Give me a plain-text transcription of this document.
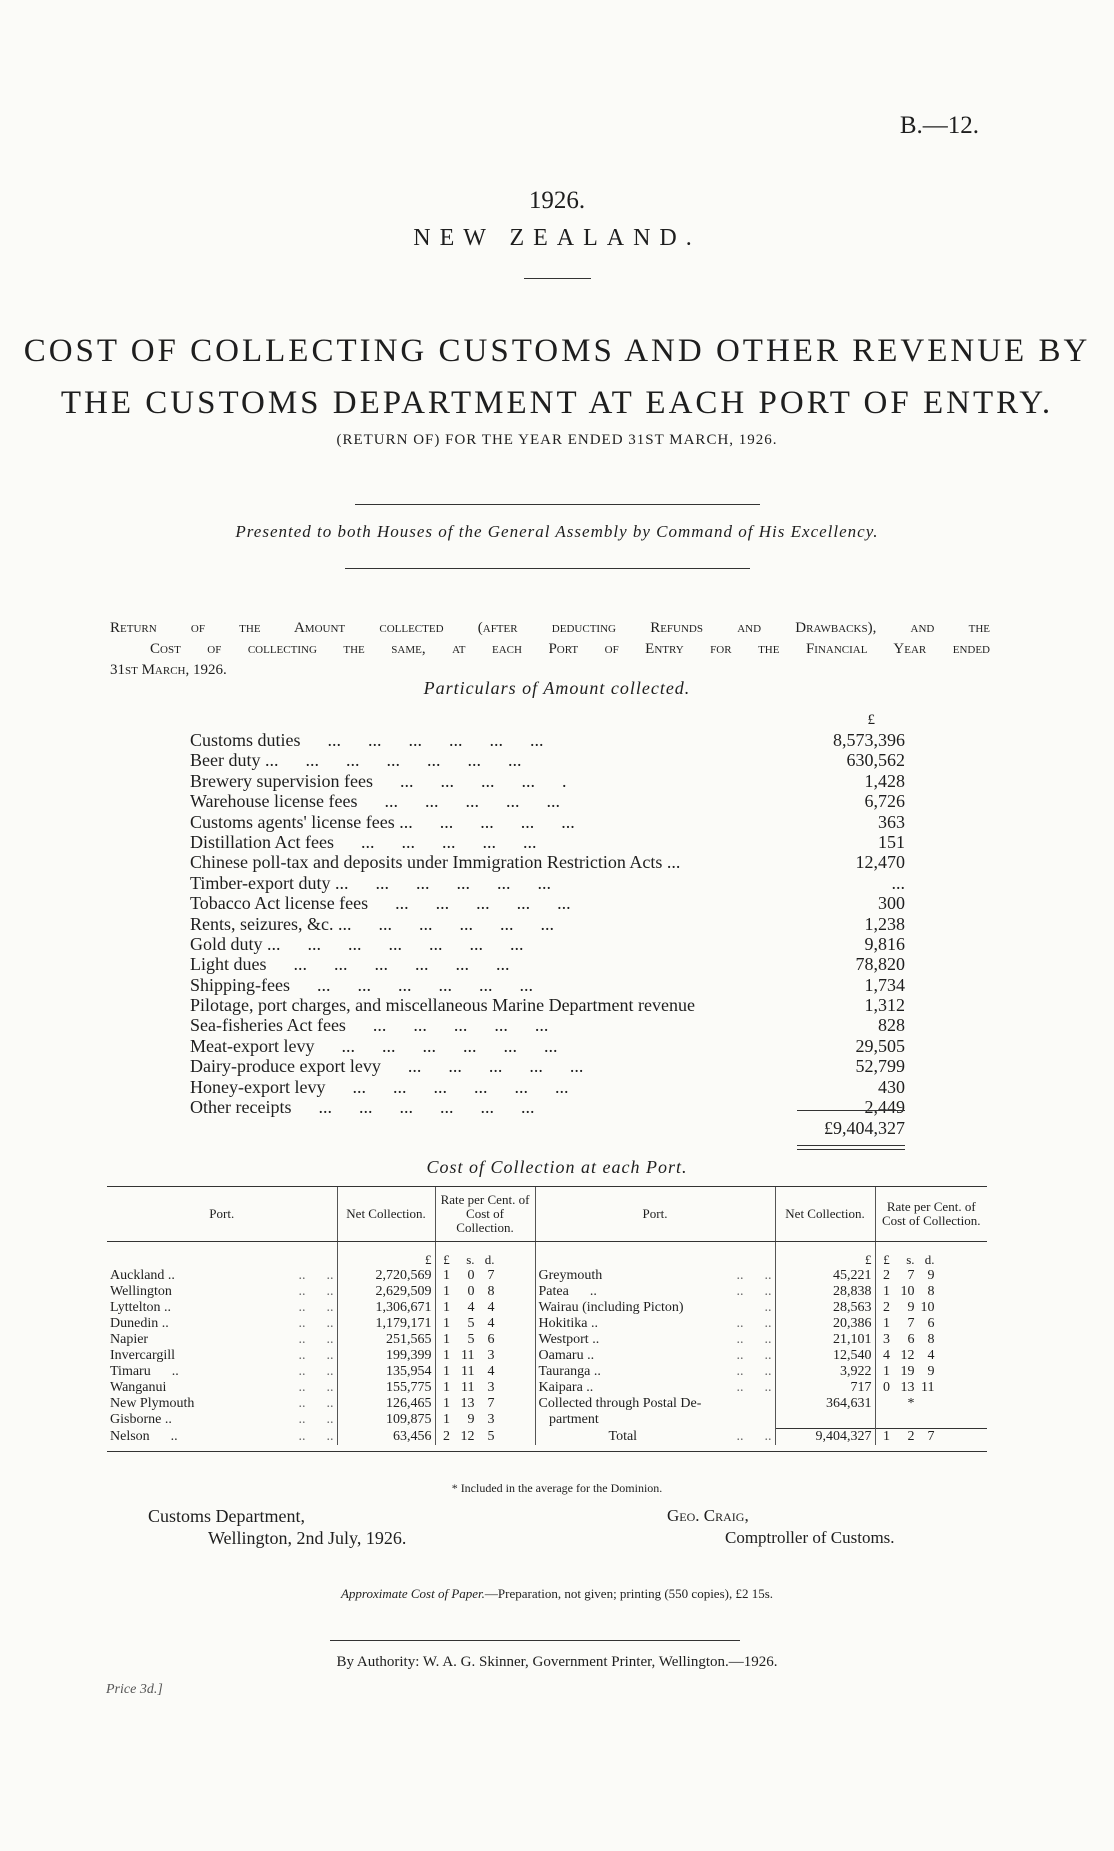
B.—12.
1926.
NEW ZEALAND.
COST OF COLLECTING CUSTOMS AND OTHER REVENUE BY
THE CUSTOMS DEPARTMENT AT EACH PORT OF ENTRY.
(RETURN OF) FOR THE YEAR ENDED 31ST MARCH, 1926.
Presented to both Houses of the General Assembly by Command of His Excellency.
Return of the Amount collected (after deducting Refunds and Drawbacks), and the
Cost of collecting the same, at each Port of Entry for the Financial Year ended
31st March, 1926.
Particulars of Amount collected.
£
Customs duties      ...      ...      ...      ...      ...      ...	8,573,396
Beer duty ...      ...      ...      ...      ...      ...      ...	630,562
Brewery supervision fees      ...      ...      ...      ...      .	1,428
Warehouse license fees      ...      ...      ...      ...      ...	6,726
Customs agents' license fees ...      ...      ...      ...      ...	363
Distillation Act fees      ...      ...      ...      ...      ...	151
Chinese poll-tax and deposits under Immigration Restriction Acts ...	12,470
Timber-export duty ...      ...      ...      ...      ...      ...	...
Tobacco Act license fees      ...      ...      ...      ...      ...	300
Rents, seizures, &c. ...      ...      ...      ...      ...      ...	1,238
Gold duty ...      ...      ...      ...      ...      ...      ...	9,816
Light dues      ...      ...      ...      ...      ...      ...	78,820
Shipping-fees      ...      ...      ...      ...      ...      ...	1,734
Pilotage, port charges, and miscellaneous Marine Department revenue	1,312
Sea-fisheries Act fees      ...      ...      ...      ...      ...	828
Meat-export levy      ...      ...      ...      ...      ...      ...	29,505
Dairy-produce export levy      ...      ...      ...      ...      ...	52,799
Honey-export levy      ...      ...      ...      ...      ...      ...	430
Other receipts      ...      ...      ...      ...      ...      ...	2,449
£9,404,327
Cost of Collection at each Port.
Port.	Net Collection.	Rate per Cent. of Cost of Collection.	Port.	Net Collection.	Rate per Cent. of Cost of Collection.
	£	£ s. d.		£	£ s. d.
Auckland .. ..      ..	2,720,569	1 0 7	Greymouth ..      ..	45,221	2 7 9
Wellington ..      ..	2,629,509	1 0 8	Patea      .. ..      ..	28,838	1 10 8
Lyttelton .. ..      ..	1,306,671	1 4 4	Wairau (including Picton) ..	28,563	2 9 10
Dunedin .. ..      ..	1,179,171	1 5 4	Hokitika .. ..      ..	20,386	1 7 6
Napier ..      ..	251,565	1 5 6	Westport .. ..      ..	21,101	3 6 8
Invercargill ..      ..	199,399	1 11 3	Oamaru .. ..      ..	12,540	4 12 4
Timaru      .. ..      ..	135,954	1 11 4	Tauranga .. ..      ..	3,922	1 19 9
Wanganui ..      ..	155,775	1 11 3	Kaipara .. ..      ..	717	0 13 11
New Plymouth ..      ..	126,465	1 13 7	Collected through Postal De-	364,631	*
Gisborne .. ..      ..	109,875	1 9 3	partment

Nelson      .. ..      ..	63,456	2 12 5	Total ..      ..	9,404,327	1 2 7

* Included in the average for the Dominion.
Customs Department,
Wellington, 2nd July, 1926.
Geo. Craig,
Comptroller of Customs.
Approximate Cost of Paper.—Preparation, not given; printing (550 copies), £2 15s.
By Authority: W. A. G. Skinner, Government Printer, Wellington.—1926.
Price 3d.]
